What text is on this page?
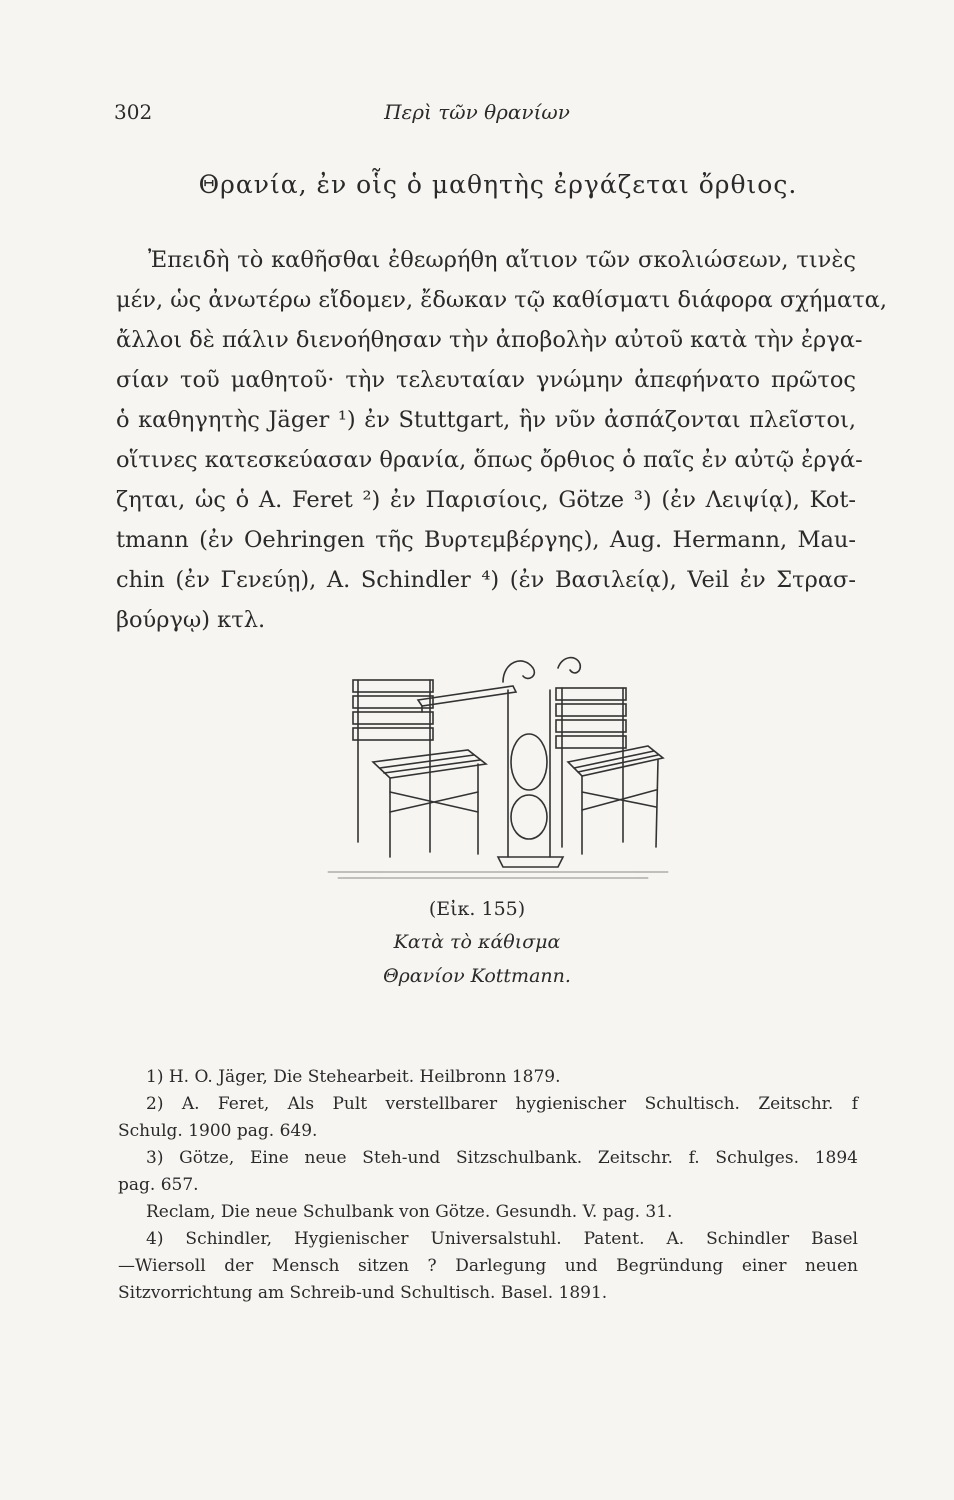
302	Περὶ τῶν θρανίων
Θρανία, ἐν οἷς ὁ μαθητὴς ἐργάζεται ὄρθιος.
Ἐπειδὴ τὸ καθῆσθαι ἐθεωρήθη αἴτιον τῶν σκολιώσεων, τινὲς
μέν, ὡς ἀνωτέρω εἴδομεν, ἔδωκαν τῷ καθίσματι διάφορα σχήματα,
ἄλλοι δὲ πάλιν διενοήθησαν τὴν ἀποβολὴν αὐτοῦ κατὰ τὴν ἐργα-
σίαν τοῦ μαθητοῦ· τὴν τελευταίαν γνώμην ἀπεφήνατο πρῶτος
ὁ καθηγητὴς Jäger ¹) ἐν Stuttgart, ἣν νῦν ἀσπάζονται πλεῖστοι,
οἵτινες κατεσκεύασαν θρανία, ὅπως ὄρθιος ὁ παῖς ἐν αὐτῷ ἐργά-
ζηται, ὡς ὁ A. Feret ²) ἐν Παρισίοις, Götze ³) (ἐν Λειψίᾳ), Kot-
tmann (ἐν Oehringen τῆς Βυρτεμβέργης), Aug. Hermann, Mau-
chin (ἐν Γενεύῃ), A. Schindler ⁴) (ἐν Βασιλείᾳ), Veil ἐν Στρασ-
βούργῳ) κτλ.
(Εἰκ. 155)
Κατὰ τὸ κάθισμα
Θρανίον Kottmann.
1) H. O. Jäger, Die Stehearbeit. Heilbronn 1879.
2) A. Feret, Als Pult verstellbarer hygienischer Schultisch. Zeitschr. f
Schulg. 1900 pag. 649.
3) Götze, Eine neue Steh-und Sitzschulbank. Zeitschr. f. Schulges. 1894
pag. 657.
Reclam, Die neue Schulbank von Götze. Gesundh. V. pag. 31.
4) Schindler, Hygienischer Universalstuhl. Patent. A. Schindler Basel
—Wiersoll der Mensch sitzen ? Darlegung und Begründung einer neuen
Sitzvorrichtung am Schreib-und Schultisch. Basel. 1891.
